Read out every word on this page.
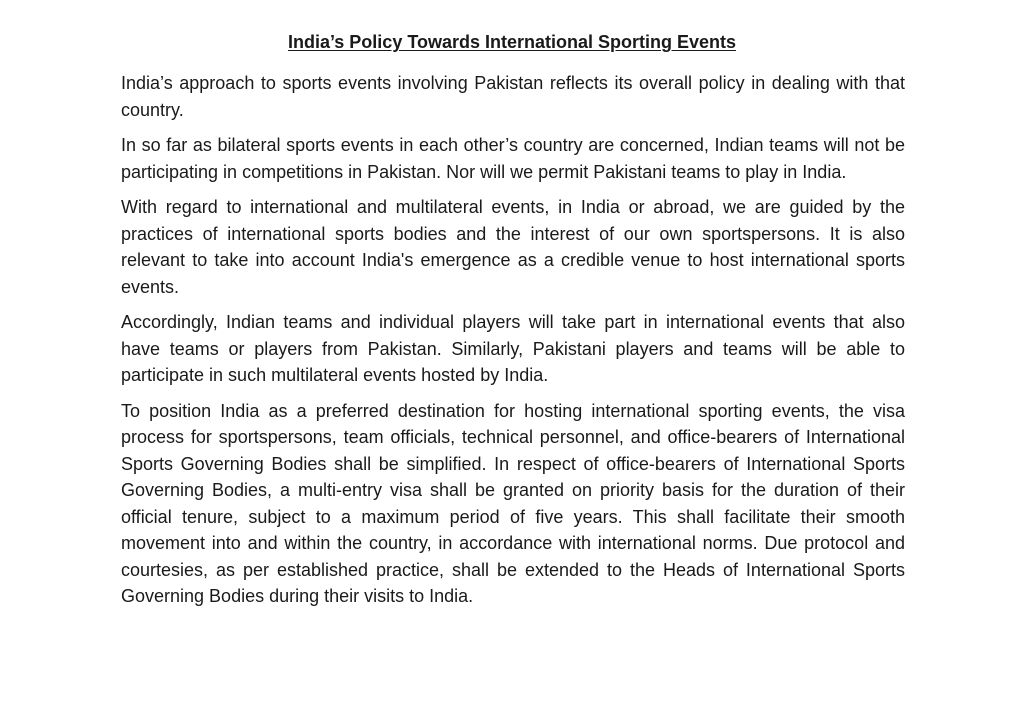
India’s Policy Towards International Sporting Events

India’s approach to sports events involving Pakistan reflects its overall policy in dealing with that country.

In so far as bilateral sports events in each other’s country are concerned, Indian teams will not be participating in competitions in Pakistan. Nor will we permit Pakistani teams to play in India.

With regard to international and multilateral events, in India or abroad, we are guided by the practices of international sports bodies and the interest of our own sportspersons. It is also relevant to take into account India's emergence as a credible venue to host international sports events.

Accordingly, Indian teams and individual players will take part in international events that also have teams or players from Pakistan. Similarly, Pakistani players and teams will be able to participate in such multilateral events hosted by India.

To position India as a preferred destination for hosting international sporting events, the visa process for sportspersons, team officials, technical personnel, and office-bearers of International Sports Governing Bodies shall be simplified. In respect of office-bearers of International Sports Governing Bodies, a multi-entry visa shall be granted on priority basis for the duration of their official tenure, subject to a maximum period of five years. This shall facilitate their smooth movement into and within the country, in accordance with international norms. Due protocol and courtesies, as per established practice, shall be extended to the Heads of International Sports Governing Bodies during their visits to India.
